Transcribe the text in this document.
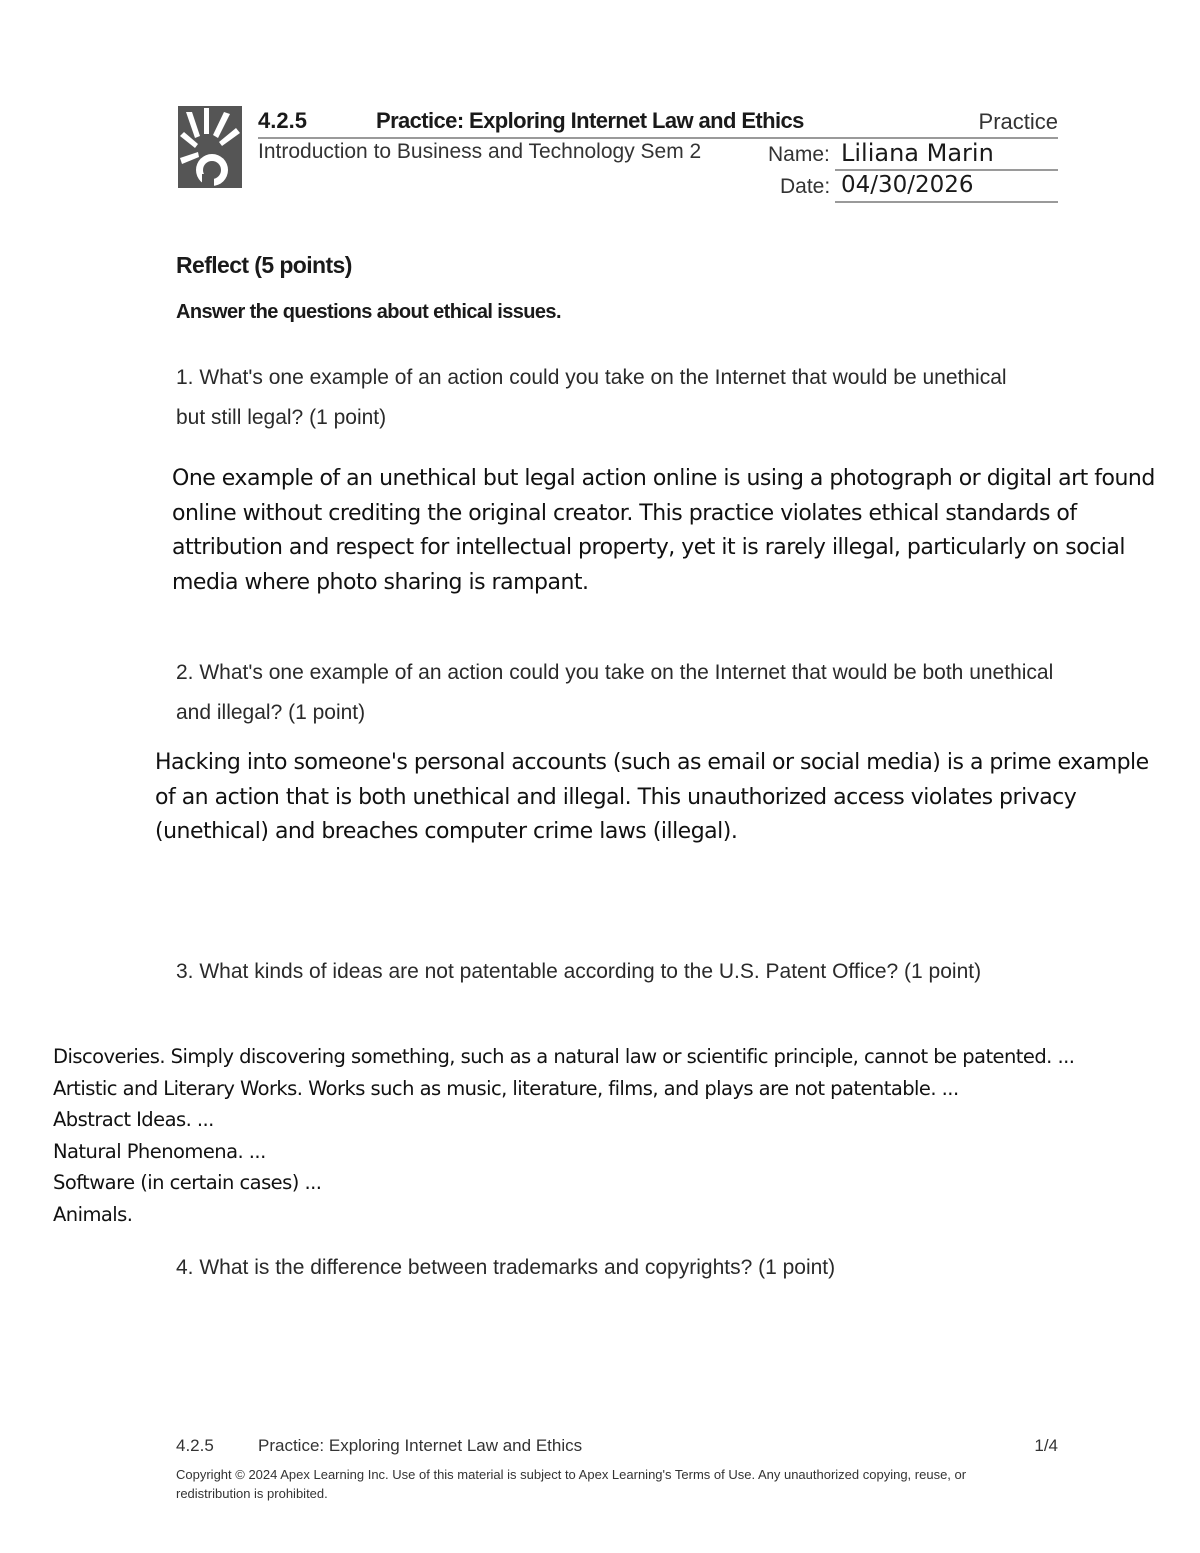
4.2.5	Practice: Exploring Internet Law and Ethics	Practice
Introduction to Business and Technology Sem 2	Name: Liliana Marin
Date: 04/30/2026
Reflect (5 points)
Answer the questions about ethical issues.
1. What's one example of an action could you take on the Internet that would be unethical but still legal? (1 point)
One example of an unethical but legal action online is using a photograph or digital art found online without crediting the original creator. This practice violates ethical standards of attribution and respect for intellectual property, yet it is rarely illegal, particularly on social media where photo sharing is rampant.
2. What's one example of an action could you take on the Internet that would be both unethical and illegal? (1 point)
Hacking into someone's personal accounts (such as email or social media) is a prime example of an action that is both unethical and illegal. This unauthorized access violates privacy (unethical) and breaches computer crime laws (illegal).
3. What kinds of ideas are not patentable according to the U.S. Patent Office? (1 point)
Discoveries. Simply discovering something, such as a natural law or scientific principle, cannot be patented. ...
Artistic and Literary Works. Works such as music, literature, films, and plays are not patentable. ...
Abstract Ideas. ...
Natural Phenomena. ...
Software (in certain cases) ...
Animals.
4. What is the difference between trademarks and copyrights? (1 point)
4.2.5	Practice: Exploring Internet Law and Ethics	1/4
Copyright © 2024 Apex Learning Inc. Use of this material is subject to Apex Learning's Terms of Use. Any unauthorized copying, reuse, or redistribution is prohibited.
